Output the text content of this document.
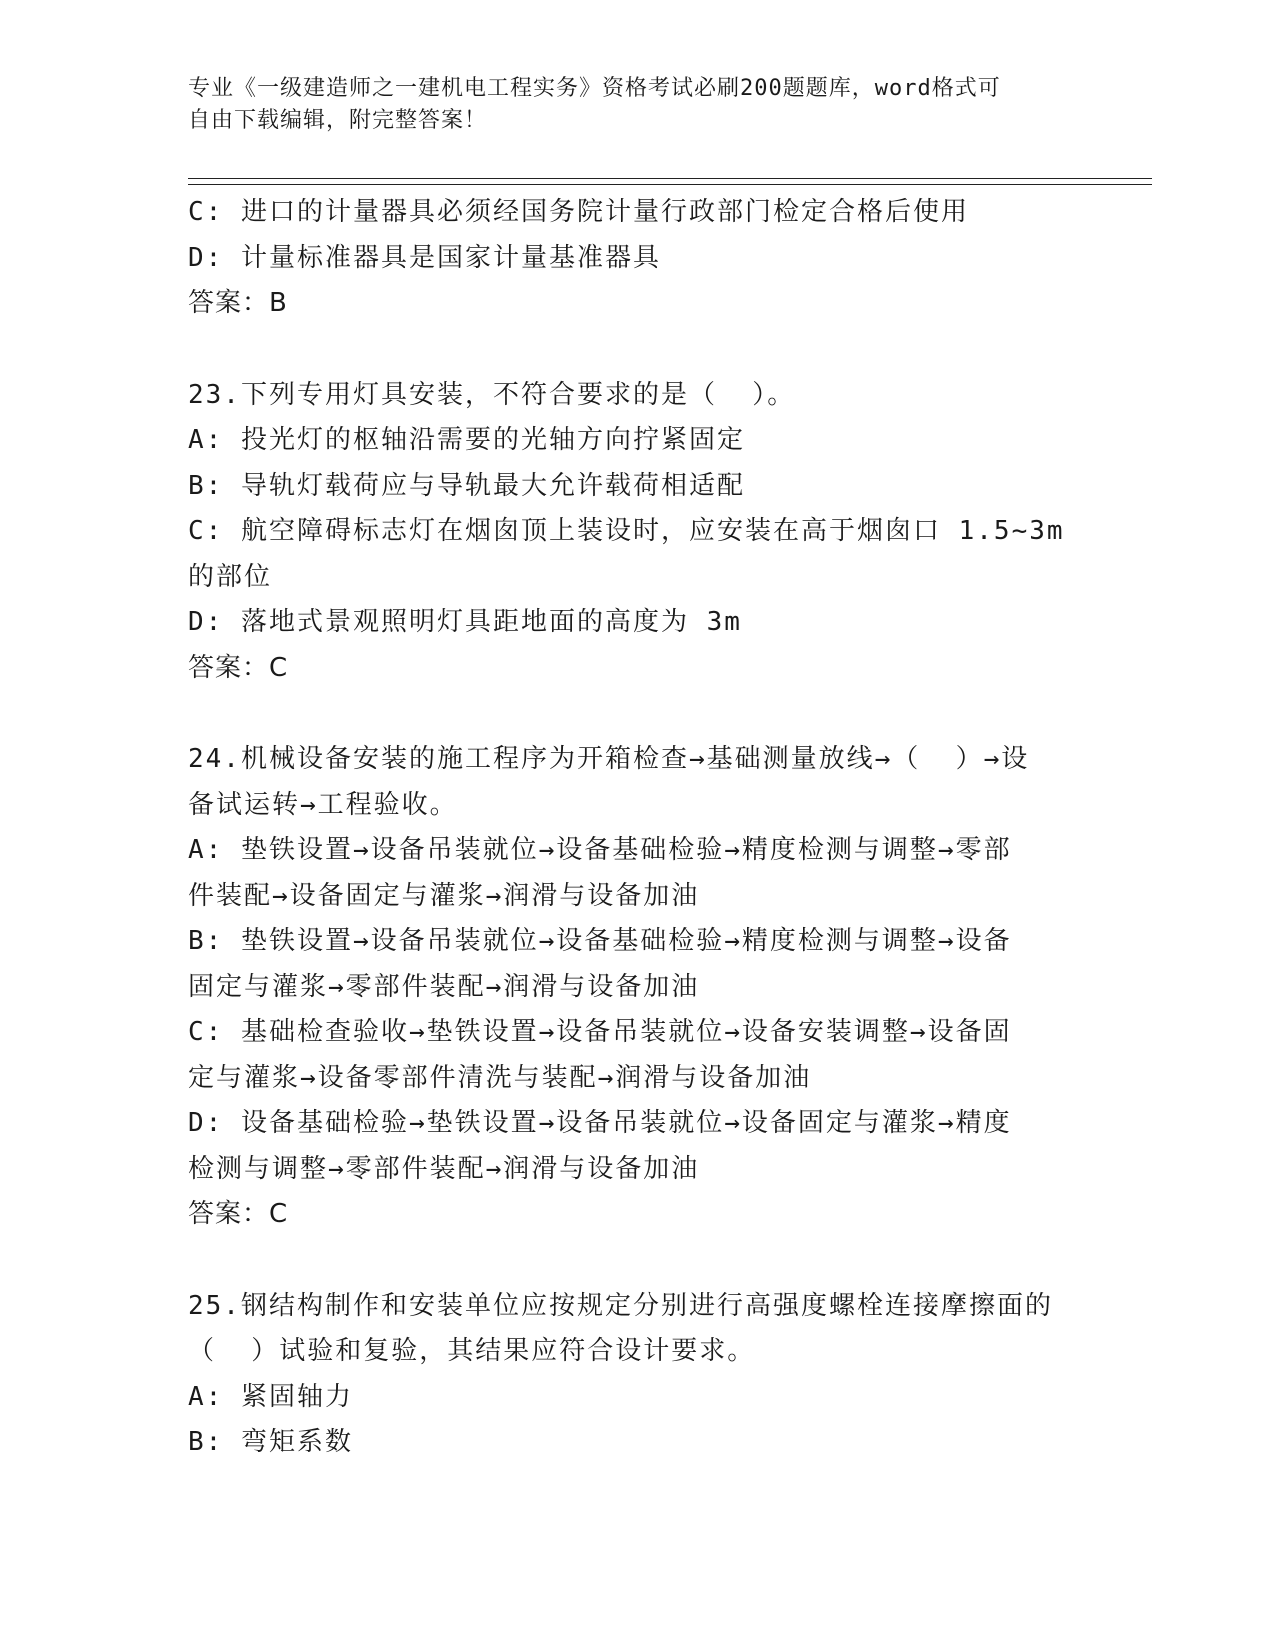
专业《一级建造师之一建机电工程实务》资格考试必刷200题题库，word格式可
自由下载编辑，附完整答案！
C: 进口的计量器具必须经国务院计量行政部门检定合格后使用
D: 计量标准器具是国家计量基准器具
答案：B
23.下列专用灯具安装，不符合要求的是（  ）。
A: 投光灯的枢轴沿需要的光轴方向拧紧固定
B: 导轨灯载荷应与导轨最大允许载荷相适配
C: 航空障碍标志灯在烟囱顶上装设时，应安装在高于烟囱口 1.5~3m
的部位
D: 落地式景观照明灯具距地面的高度为 3m
答案：C
24.机械设备安装的施工程序为开箱检查→基础测量放线→（  ）→设
备试运转→工程验收。
A: 垫铁设置→设备吊装就位→设备基础检验→精度检测与调整→零部
件装配→设备固定与灌浆→润滑与设备加油
B: 垫铁设置→设备吊装就位→设备基础检验→精度检测与调整→设备
固定与灌浆→零部件装配→润滑与设备加油
C: 基础检查验收→垫铁设置→设备吊装就位→设备安装调整→设备固
定与灌浆→设备零部件清洗与装配→润滑与设备加油
D: 设备基础检验→垫铁设置→设备吊装就位→设备固定与灌浆→精度
检测与调整→零部件装配→润滑与设备加油
答案：C
25.钢结构制作和安装单位应按规定分别进行高强度螺栓连接摩擦面的
（  ）试验和复验，其结果应符合设计要求。
A: 紧固轴力
B: 弯矩系数
